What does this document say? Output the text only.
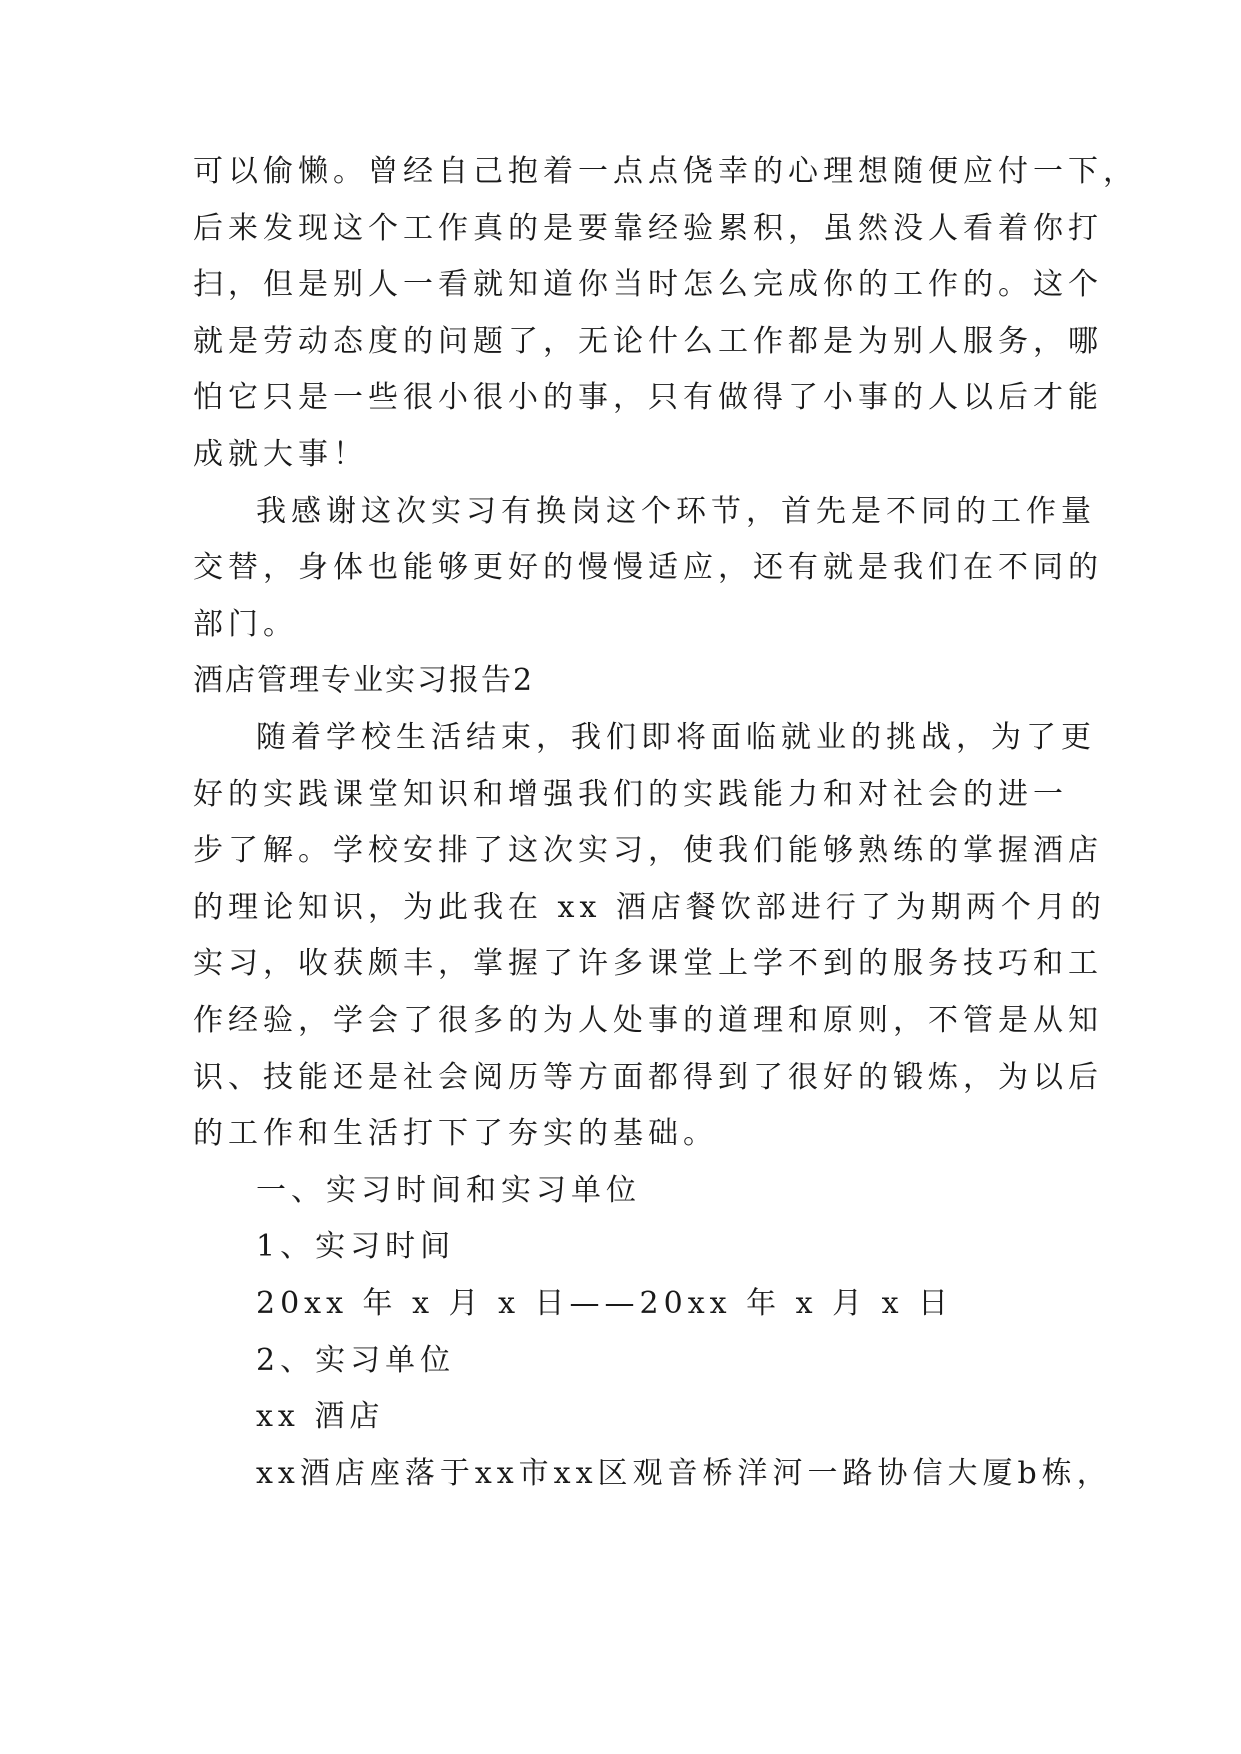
可以偷懒。曾经自己抱着一点点侥幸的心理想随便应付一下，
后来发现这个工作真的是要靠经验累积，虽然没人看着你打
扫，但是别人一看就知道你当时怎么完成你的工作的。这个
就是劳动态度的问题了，无论什么工作都是为别人服务，哪
怕它只是一些很小很小的事，只有做得了小事的人以后才能
成就大事！
我感谢这次实习有换岗这个环节，首先是不同的工作量
交替，身体也能够更好的慢慢适应，还有就是我们在不同的
部门。
酒店管理专业实习报告2
随着学校生活结束，我们即将面临就业的挑战，为了更
好的实践课堂知识和增强我们的实践能力和对社会的进一
步了解。学校安排了这次实习，使我们能够熟练的掌握酒店
的理论知识，为此我在 xx 酒店餐饮部进行了为期两个月的
实习，收获颇丰，掌握了许多课堂上学不到的服务技巧和工
作经验，学会了很多的为人处事的道理和原则，不管是从知
识、技能还是社会阅历等方面都得到了很好的锻炼，为以后
的工作和生活打下了夯实的基础。
一、实习时间和实习单位
1、实习时间
20xx 年 x 月 x 日——20xx 年 x 月 x 日
2、实习单位
xx 酒店
xx酒店座落于xx市xx区观音桥洋河一路协信大厦b栋，
